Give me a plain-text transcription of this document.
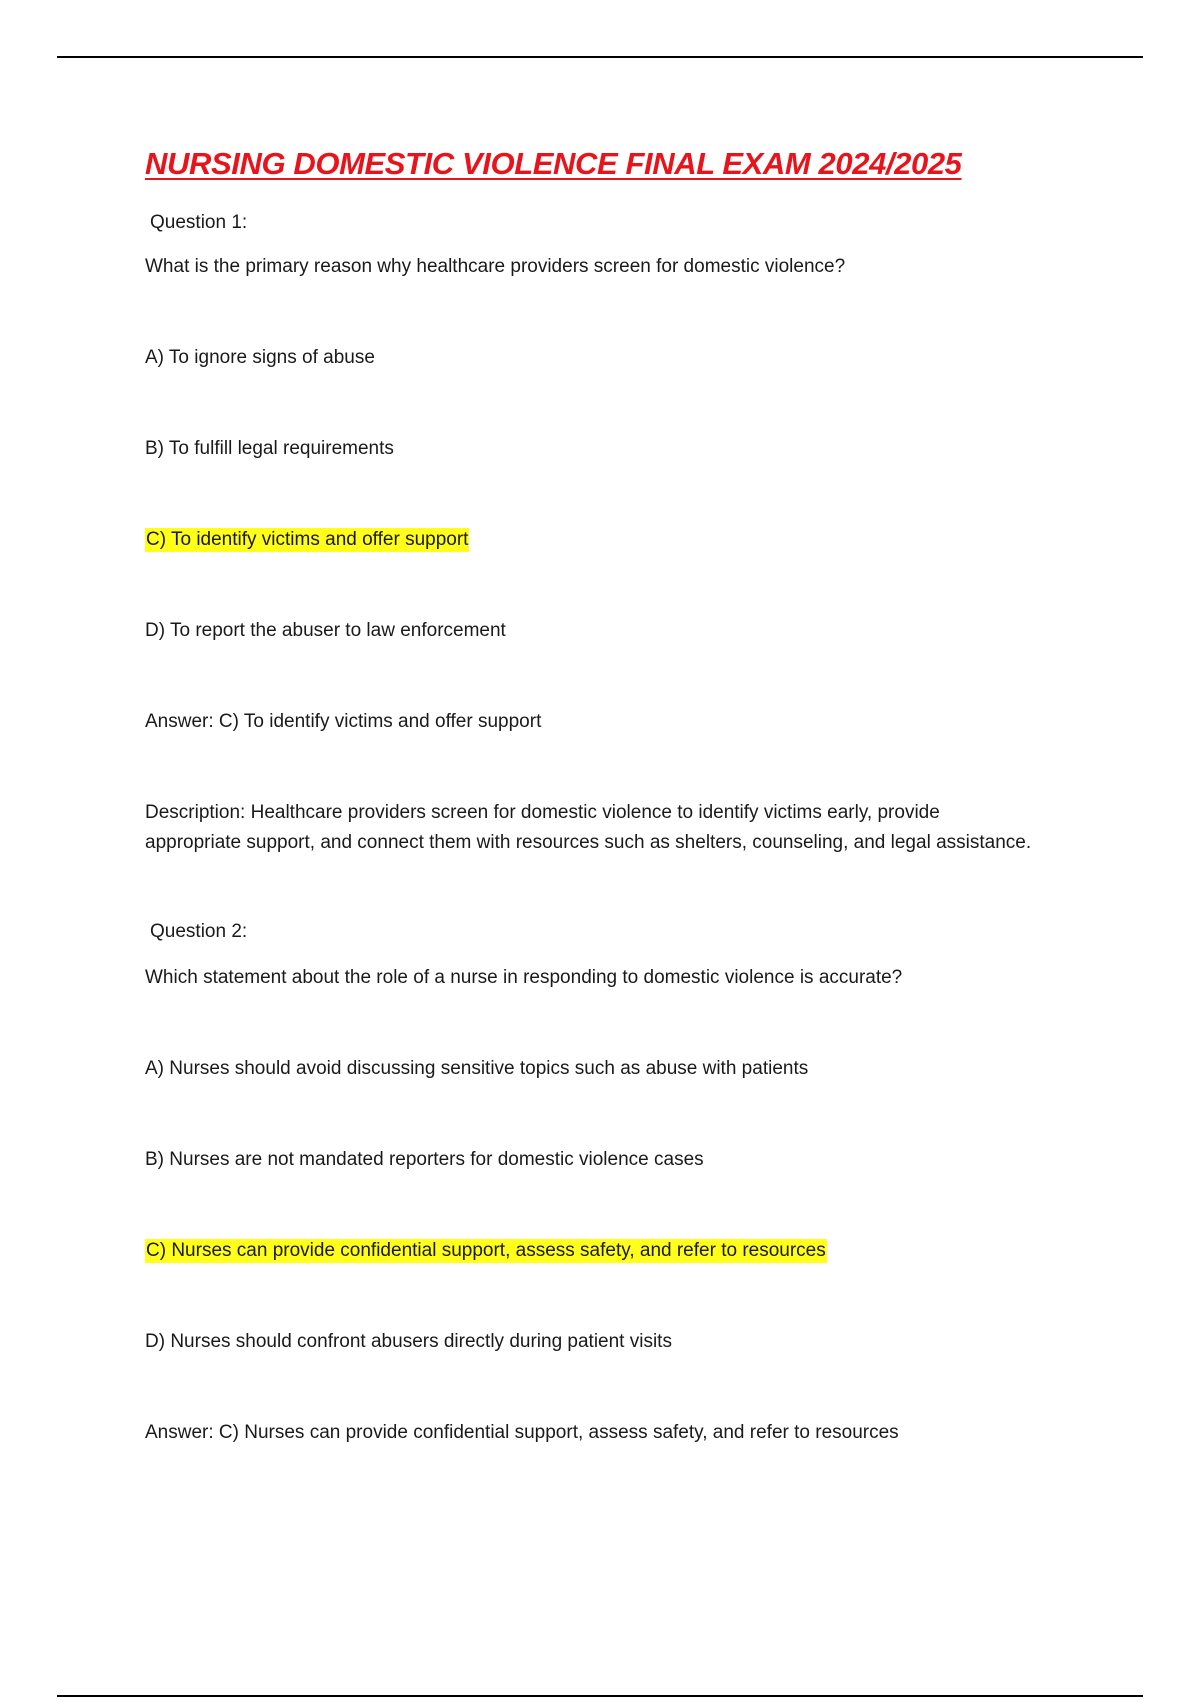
NURSING DOMESTIC VIOLENCE FINAL EXAM 2024/2025

Question 1:

What is the primary reason why healthcare providers screen for domestic violence?

A) To ignore signs of abuse

B) To fulfill legal requirements

C) To identify victims and offer support

D) To report the abuser to law enforcement

Answer: C) To identify victims and offer support

Description: Healthcare providers screen for domestic violence to identify victims early, provide
appropriate support, and connect them with resources such as shelters, counseling, and legal assistance.

Question 2:

Which statement about the role of a nurse in responding to domestic violence is accurate?

A) Nurses should avoid discussing sensitive topics such as abuse with patients

B) Nurses are not mandated reporters for domestic violence cases

C) Nurses can provide confidential support, assess safety, and refer to resources

D) Nurses should confront abusers directly during patient visits

Answer: C) Nurses can provide confidential support, assess safety, and refer to resources
